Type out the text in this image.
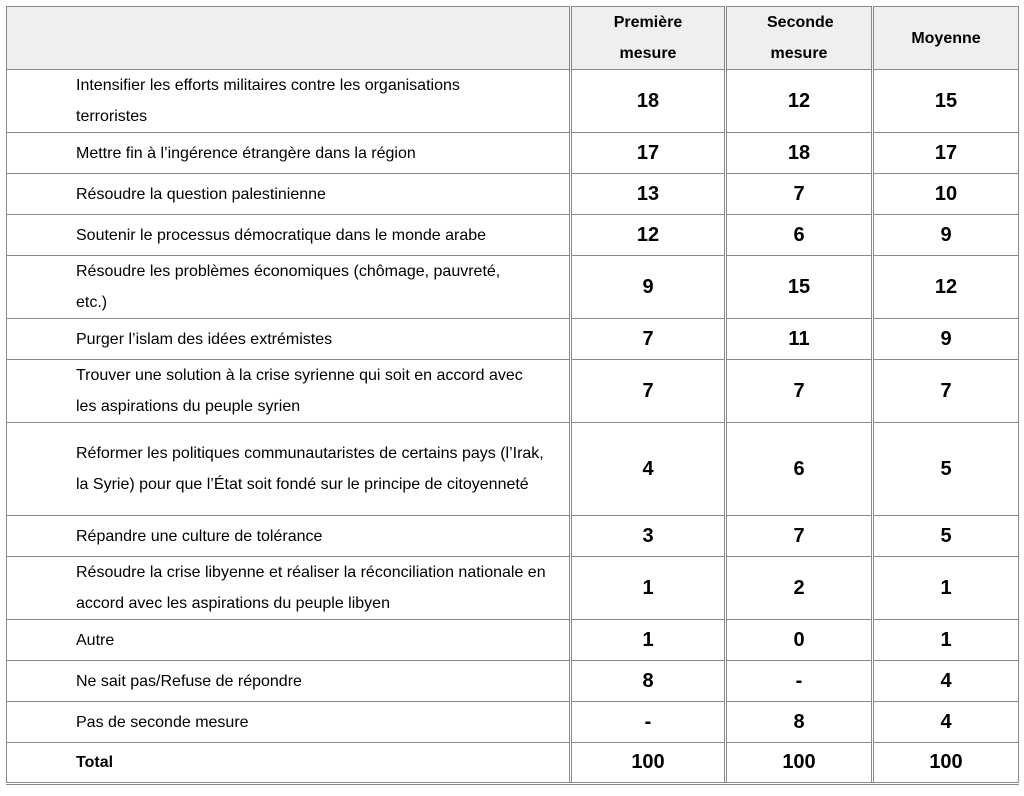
	Première mesure	Seconde mesure	Moyenne
Intensifier les efforts militaires contre les organisations terroristes	18	12	15
Mettre fin à l’ingérence étrangère dans la région	17	18	17
Résoudre la question palestinienne	13	7	10
Soutenir le processus démocratique dans le monde arabe	12	6	9
Résoudre les problèmes économiques (chômage, pauvreté, etc.)	9	15	12
Purger l’islam des idées extrémistes	7	11	9
Trouver une solution à la crise syrienne qui soit en accord avec les aspirations du peuple syrien	7	7	7
Réformer les politiques communautaristes de certains pays (l’Irak, la Syrie) pour que l’État soit fondé sur le principe de citoyenneté	4	6	5
Répandre une culture de tolérance	3	7	5
Résoudre la crise libyenne et réaliser la réconciliation nationale en accord avec les aspirations du peuple libyen	1	2	1
Autre	1	0	1
Ne sait pas/Refuse de répondre	8	-	4
Pas de seconde mesure	-	8	4
Total	100	100	100
